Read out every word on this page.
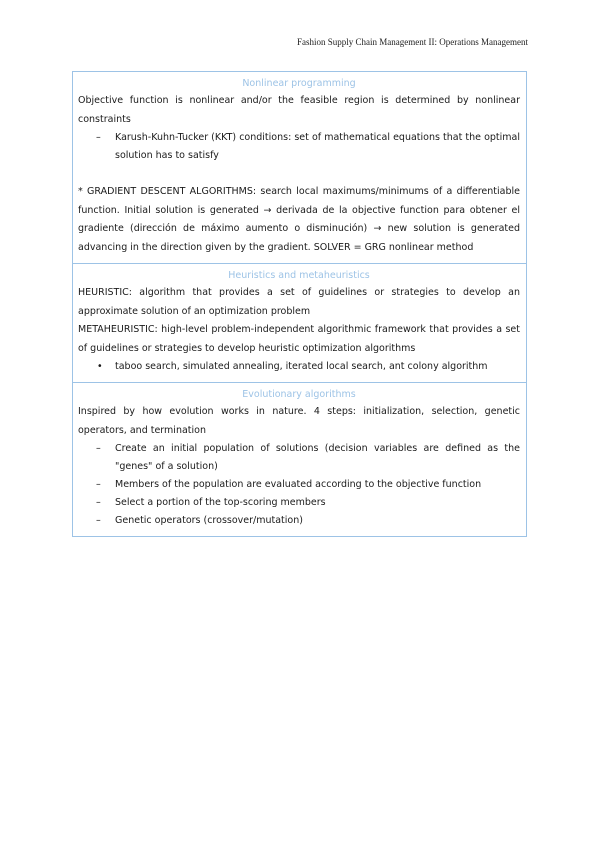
Fashion Supply Chain Management II: Operations Management
Nonlinear programming

Objective function is nonlinear and/or the feasible region is determined by nonlinear constraints

– Karush-Kuhn-Tucker (KKT) conditions: set of mathematical equations that the optimal solution has to satisfy

* GRADIENT DESCENT ALGORITHMS: search local maximums/minimums of a differentiable function. Initial solution is generated → derivada de la objective function para obtener el gradiente (dirección de máximo aumento o disminución) → new solution is generated advancing in the direction given by the gradient. SOLVER = GRG nonlinear method

Heuristics and metaheuristics

HEURISTIC: algorithm that provides a set of guidelines or strategies to develop an approximate solution of an optimization problem

METAHEURISTIC: high-level problem-independent algorithmic framework that provides a set of guidelines or strategies to develop heuristic optimization algorithms

• taboo search, simulated annealing, iterated local search, ant colony algorithm
Evolutionary algorithms

Inspired by how evolution works in nature. 4 steps: initialization, selection, genetic operators, and termination

– Create an initial population of solutions (decision variables are defined as the "genes" of a solution)
– Members of the population are evaluated according to the objective function
– Select a portion of the top-scoring members
– Genetic operators (crossover/mutation)
